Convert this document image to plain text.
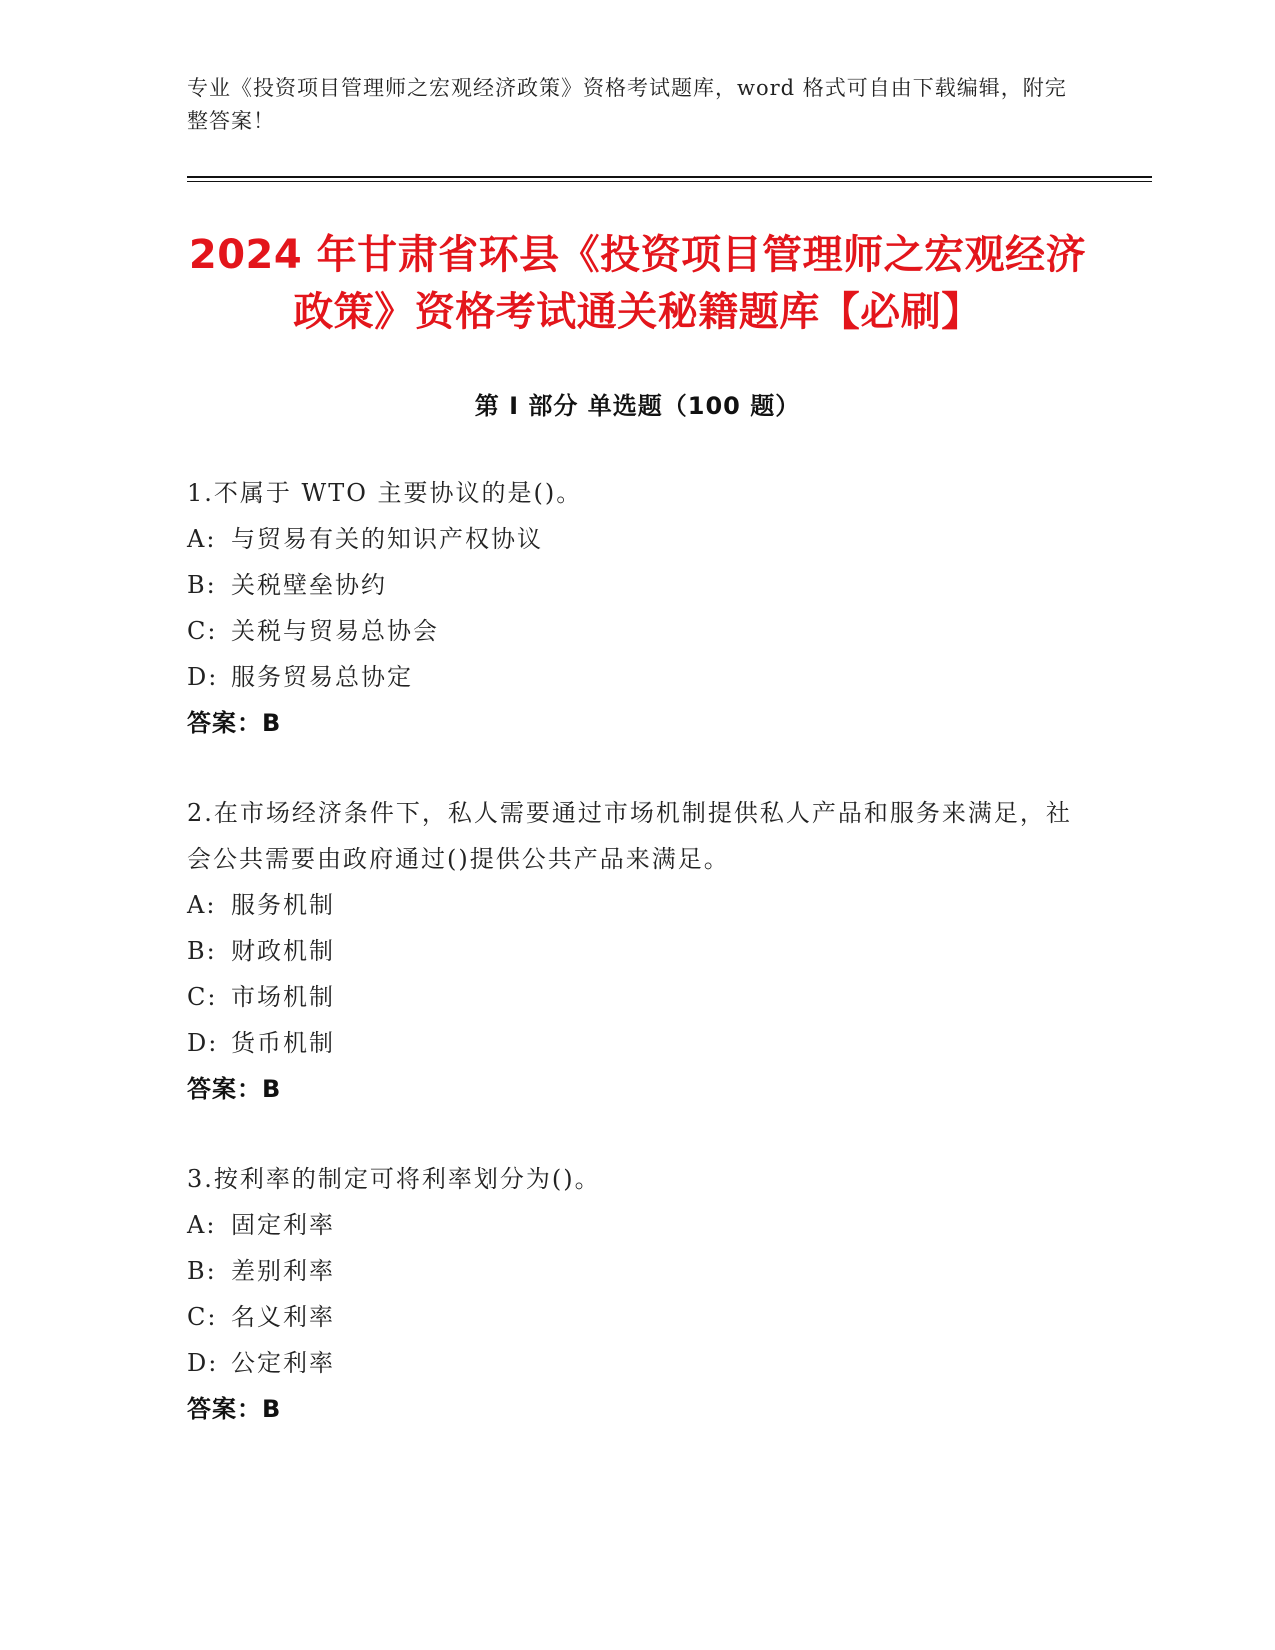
专业《投资项目管理师之宏观经济政策》资格考试题库，word 格式可自由下载编辑，附完整答案！
2024 年甘肃省环县《投资项目管理师之宏观经济政策》资格考试通关秘籍题库【必刷】
第 I 部分 单选题（100 题）
1.不属于 WTO 主要协议的是()。
A: 与贸易有关的知识产权协议
B: 关税壁垒协约
C: 关税与贸易总协会
D: 服务贸易总协定
答案：B
2.在市场经济条件下，私人需要通过市场机制提供私人产品和服务来满足，社会公共需要由政府通过()提供公共产品来满足。
A: 服务机制
B: 财政机制
C: 市场机制
D: 货币机制
答案：B
3.按利率的制定可将利率划分为()。
A: 固定利率
B: 差别利率
C: 名义利率
D: 公定利率
答案：B
